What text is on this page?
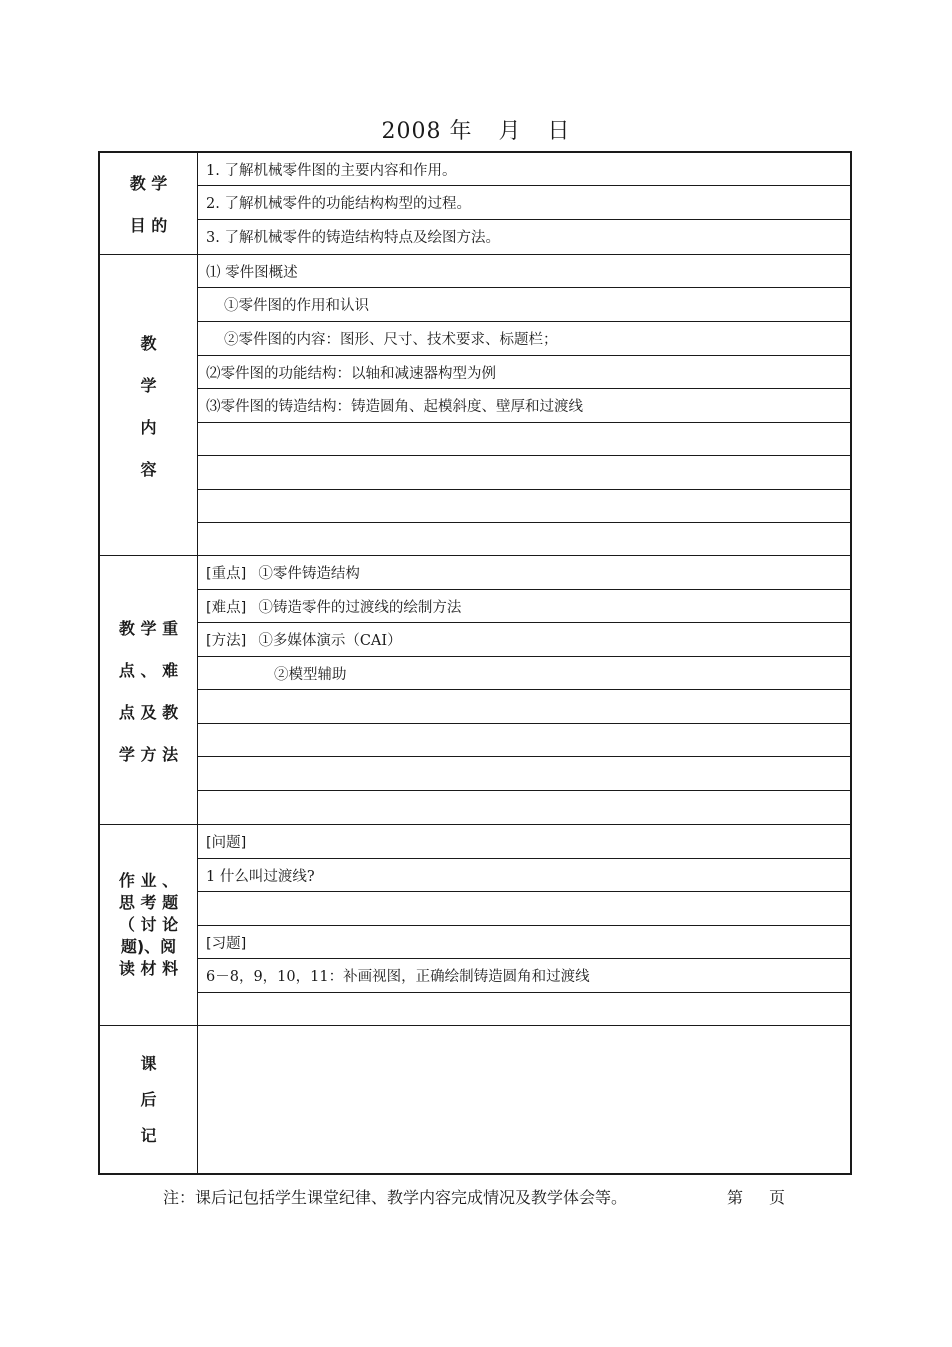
2008 年 月 日
教 学

目 的
1. 了解机械零件图的主要内容和作用。
2. 了解机械零件的功能结构构型的过程。
3. 了解机械零件的铸造结构特点及绘图方法。
教

学

内

容
⑴ 零件图概述
①零件图的作用和认识
②零件图的内容：图形、尺寸、技术要求、标题栏；
⑵零件图的功能结构：以轴和减速器构型为例
⑶零件图的铸造结构：铸造圆角、起模斜度、壁厚和过渡线
教 学 重

点 、 难

点 及 教

学 方 法
[重点] ①零件铸造结构
[难点] ①铸造零件的过渡线的绘制方法
[方法] ①多媒体演示（CAI）
②模型辅助
作 业 、
思 考 题
（ 讨 论
题)、阅
读 材 料
[问题]
1 什么叫过渡线?
[习题]
6－8，9，10，11：补画视图，正确绘制铸造圆角和过渡线
课

后

记
注：课后记包括学生课堂纪律、教学内容完成情况及教学体会等。	第 页
